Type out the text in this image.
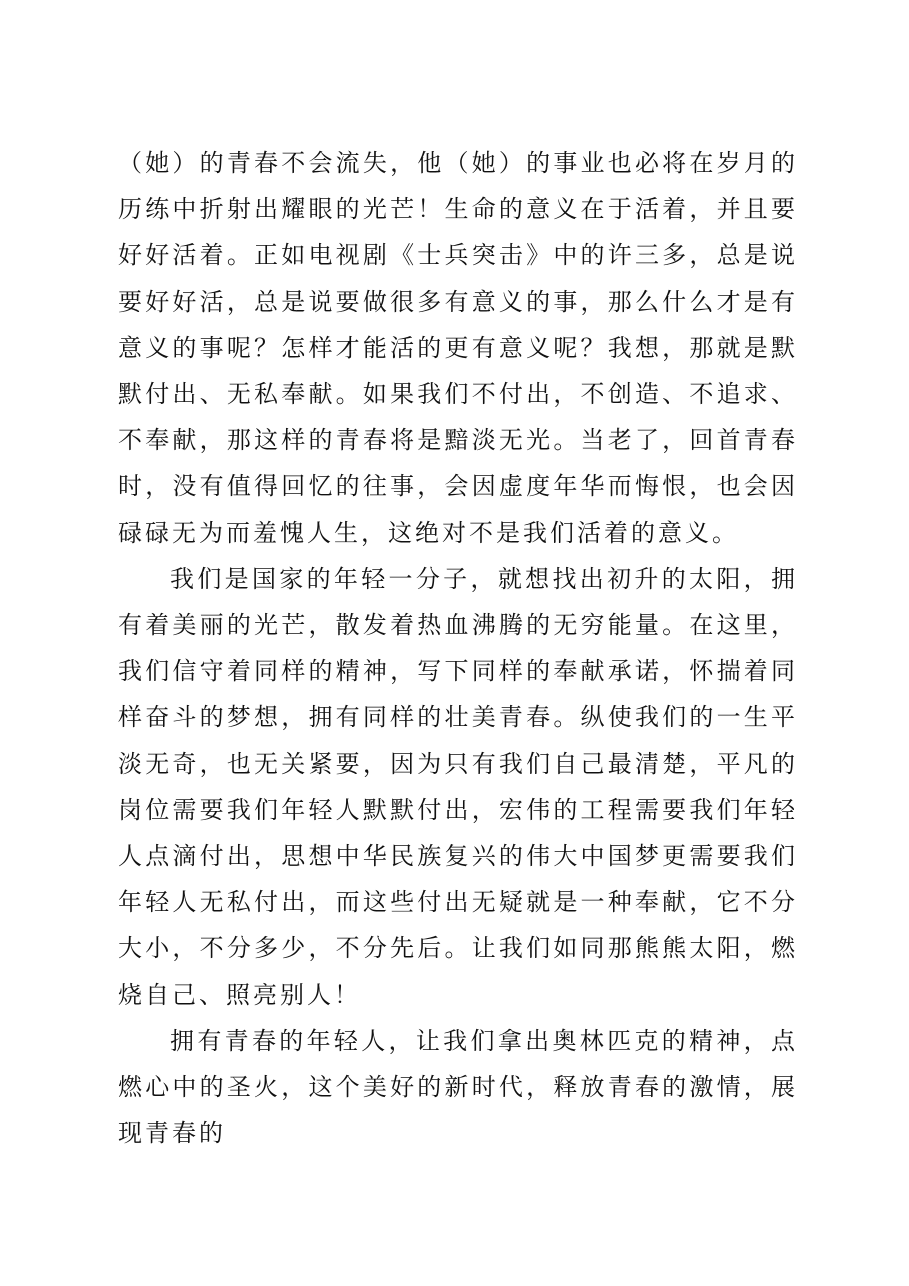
（她）的青春不会流失，他（她）的事业也必将在岁月的历练中折射出耀眼的光芒！生命的意义在于活着，并且要好好活着。正如电视剧《士兵突击》中的许三多，总是说要好好活，总是说要做很多有意义的事，那么什么才是有意义的事呢？怎样才能活的更有意义呢？我想，那就是默默付出、无私奉献。如果我们不付出，不创造、不追求、不奉献，那这样的青春将是黯淡无光。当老了，回首青春时，没有值得回忆的往事，会因虚度年华而悔恨，也会因碌碌无为而羞愧人生，这绝对不是我们活着的意义。

我们是国家的年轻一分子，就想找出初升的太阳，拥有着美丽的光芒，散发着热血沸腾的无穷能量。在这里，我们信守着同样的精神，写下同样的奉献承诺，怀揣着同样奋斗的梦想，拥有同样的壮美青春。纵使我们的一生平淡无奇，也无关紧要，因为只有我们自己最清楚，平凡的岗位需要我们年轻人默默付出，宏伟的工程需要我们年轻人点滴付出，思想中华民族复兴的伟大中国梦更需要我们年轻人无私付出，而这些付出无疑就是一种奉献，它不分大小，不分多少，不分先后。让我们如同那熊熊太阳，燃烧自己、照亮别人！

拥有青春的年轻人，让我们拿出奥林匹克的精神，点燃心中的圣火，这个美好的新时代，释放青春的激情，展现青春的
